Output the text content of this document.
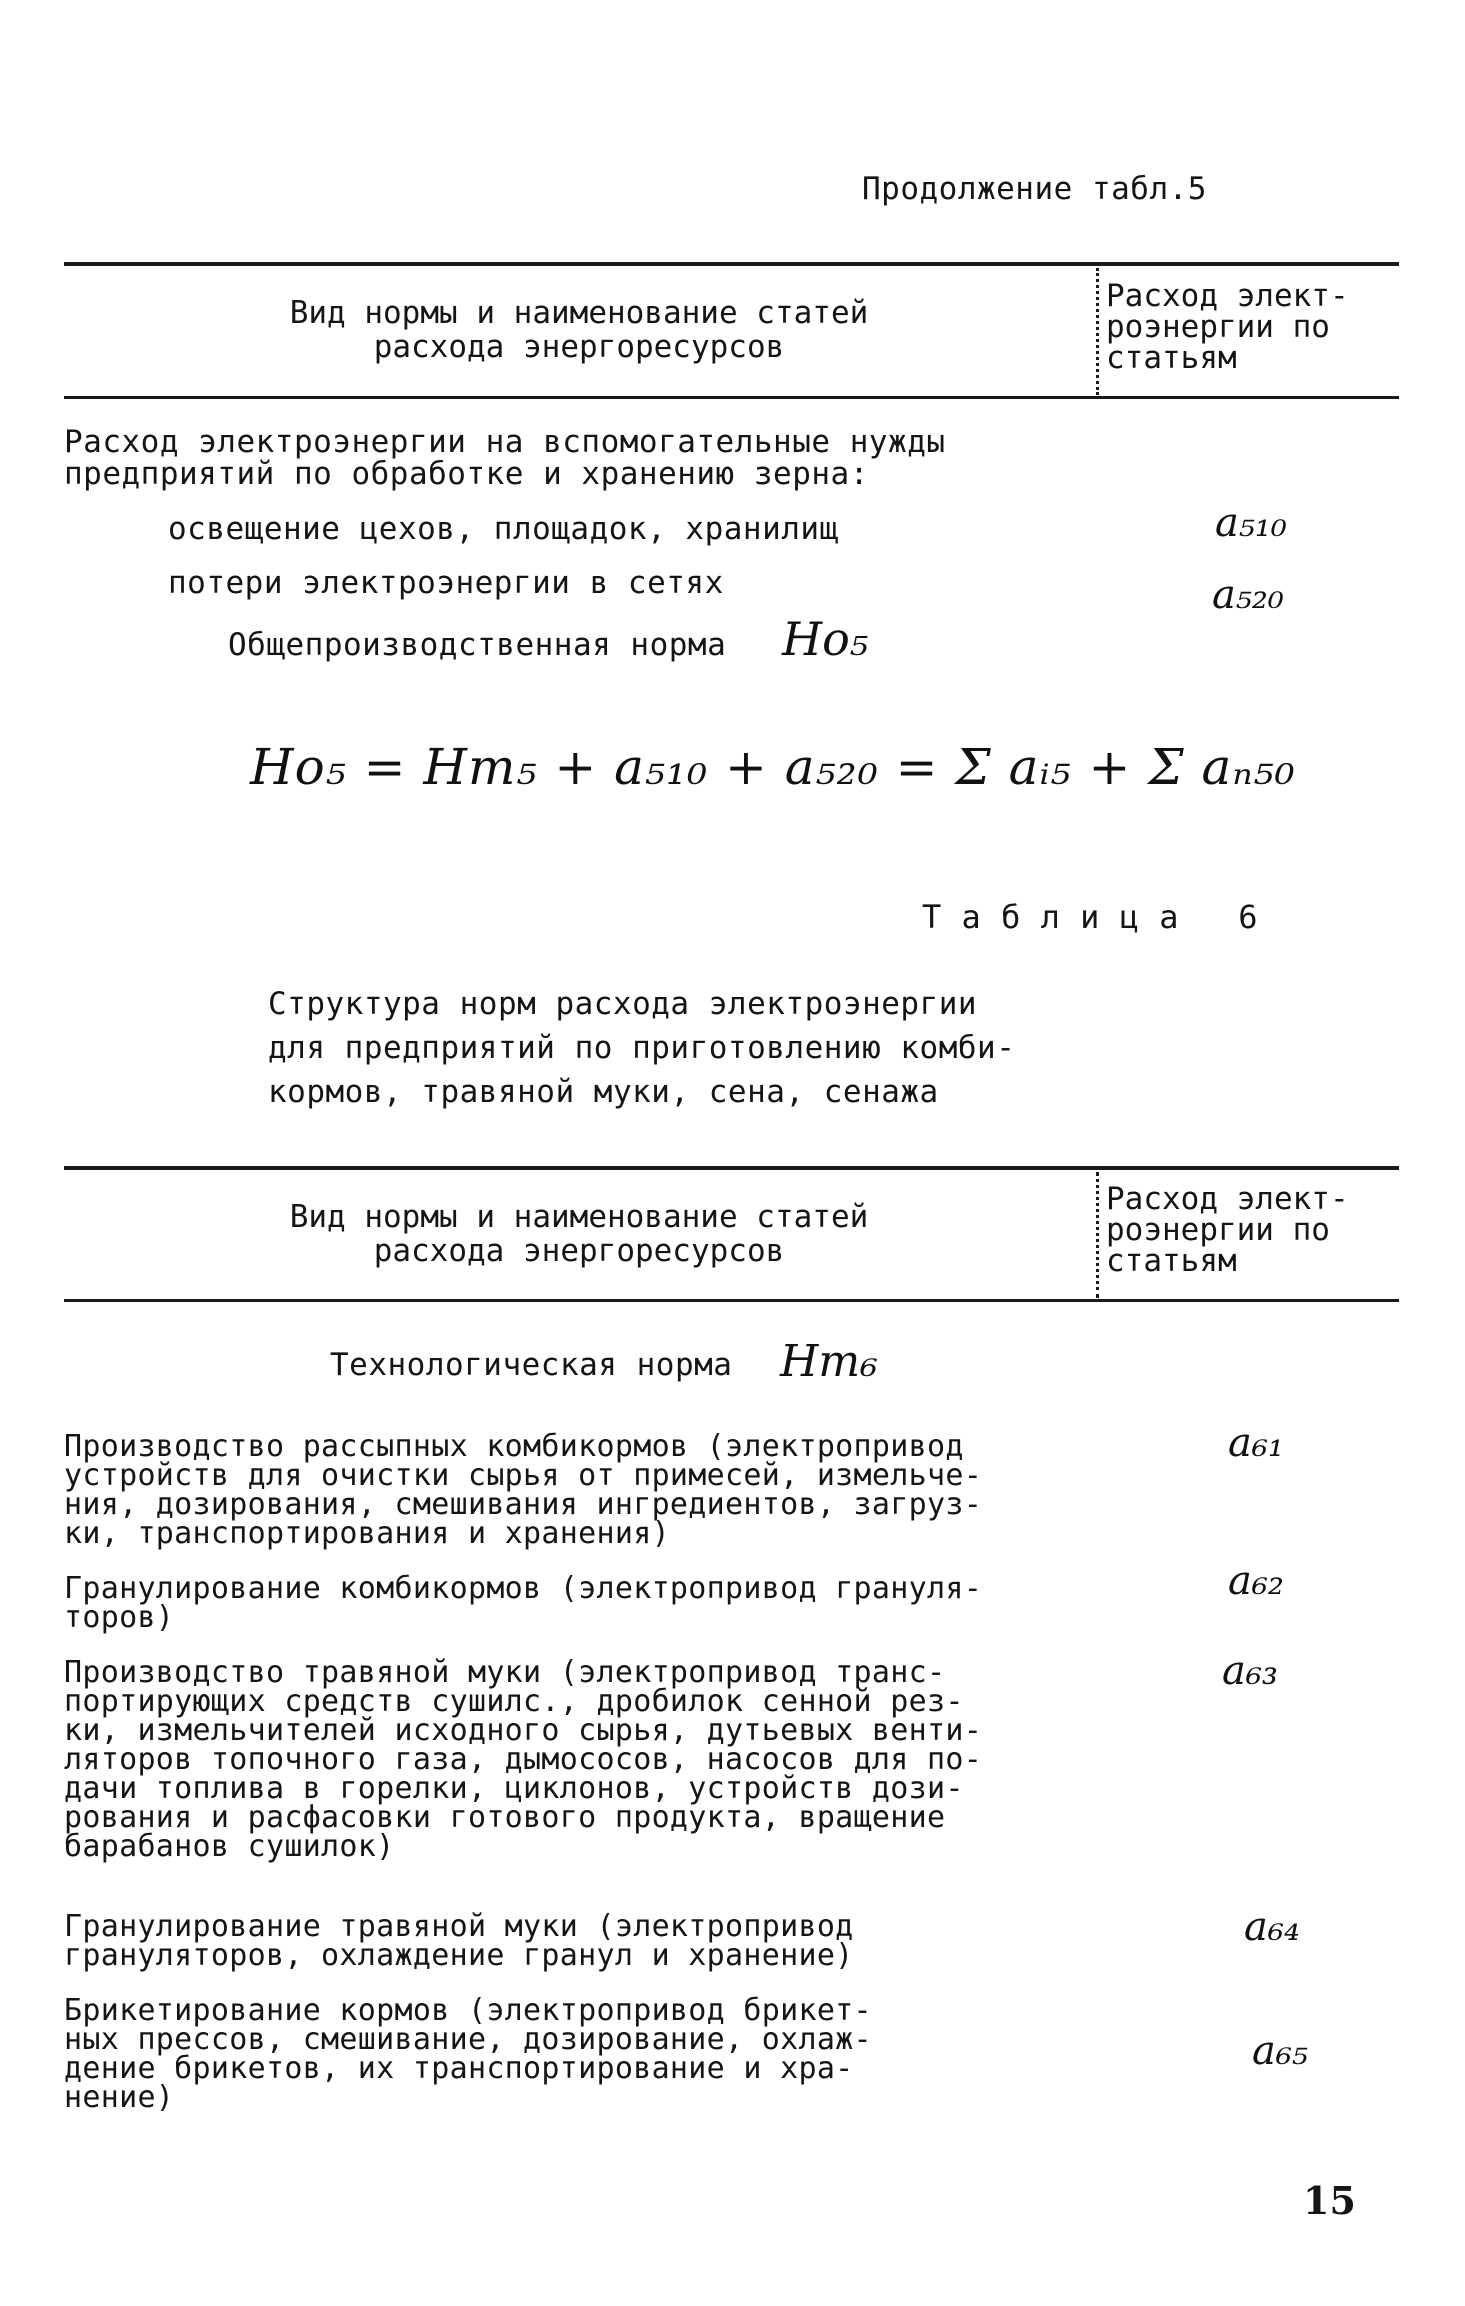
Продолжение табл.5
Вид нормы и наименование статей
расхода энергоресурсов
Расход элект-
роэнергии по
статьям
Расход электроэнергии на вспомогательные нужды
предприятий по обработке и хранению зерна:
освещение цехов, площадок, хранилищ	a₅₁₀
потери электроэнергии в сетях	a₅₂₀
Общепроизводственная норма Hо₅
Hо₅ = Hт₅ + a₅₁₀ + a₅₂₀ = Σ aᵢ₅ + Σ aₙ₅₀
Т а б л и ц а   6
Структура норм расхода электроэнергии
для предприятий по приготовлению комби-
кормов, травяной муки, сена, сенажа
Вид нормы и наименование статей
расхода энергоресурсов
Расход элект-
роэнергии по
статьям
Технологическая норма Hт₆
Производство рассыпных комбикормов (электропривод
устройств для очистки сырья от примесей, измельче-
ния, дозирования, смешивания ингредиентов, загруз-
ки, транспортирования и хранения)
a₆₁
Гранулирование комбикормов (электропривод грануля-
торов)
a₆₂
Производство травяной муки (электропривод транс-
портирующих средств сушилс., дробилок сенной рез-
ки, измельчителей исходного сырья, дутьевых венти-
ляторов топочного газа, дымососов, насосов для по-
дачи топлива в горелки, циклонов, устройств дози-
рования и расфасовки готового продукта, вращение
барабанов сушилок)
a₆₃
Гранулирование травяной муки (электропривод
грануляторов, охлаждение гранул и хранение)
a₆₄
Брикетирование кормов (электропривод брикет-
ных прессов, смешивание, дозирование, охлаж-
дение брикетов, их транспортирование и хра-
нение)
a₆₅
15
